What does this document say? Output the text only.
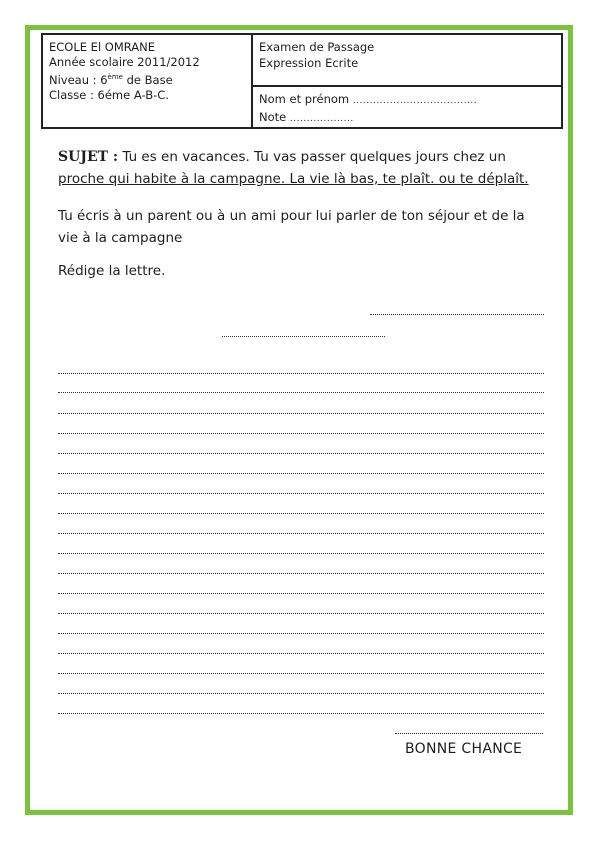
ECOLE El OMRANE
Année scolaire 2011/2012
Niveau : 6ème de Base
Classe : 6éme A-B-C.
Examen de Passage
Expression Ecrite
Nom et prénom .....................................
Note ...................
SUJET : Tu es en vacances. Tu vas passer quelques jours chez un
proche qui habite à la campagne. La vie là bas, te plaît. ou te déplaît.
Tu écris à un parent ou à un ami pour lui parler de ton séjour et de la vie à la campagne
Rédige la lettre.
BONNE CHANCE
